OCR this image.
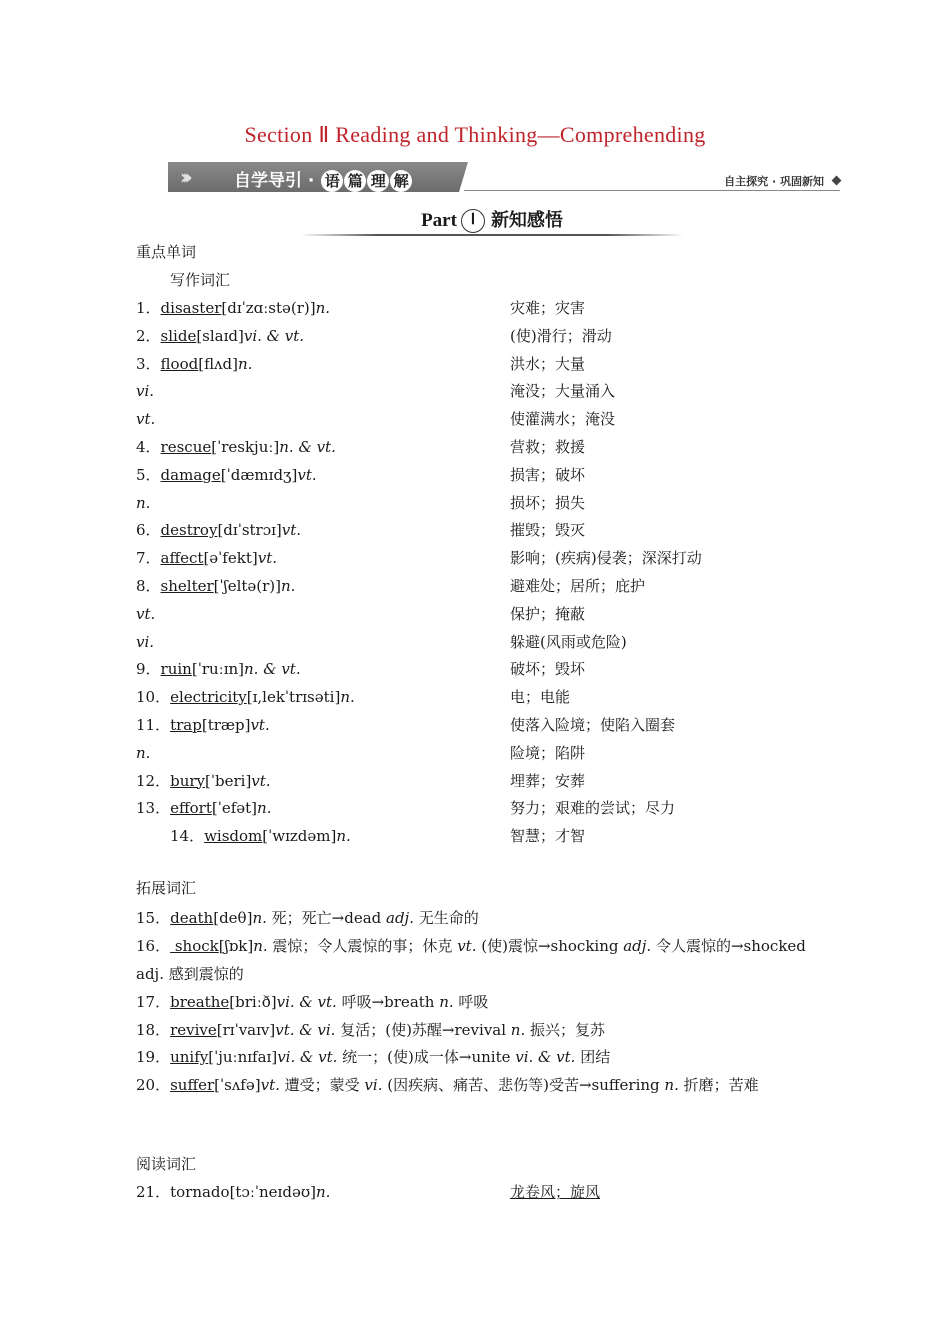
Section Ⅱ Reading and Thinking—Comprehending
›››	自学导引 · 语 篇 理 解	自主探究 · 巩固新知
Part Ⅰ 新知感悟
重点单词
写作词汇
1．disaster[dɪˈzɑːstə(r)]n.	灾难；灾害
2．slide[slaɪd]vi. & vt.	(使)滑行；滑动
3．flood[flʌd]n.	洪水；大量
vi.	淹没；大量涌入
vt.	使灌满水；淹没
4．rescue[ˈreskjuː]n. & vt.	营救；救援
5．damage[ˈdæmɪdʒ]vt.	损害；破坏
n.	损坏；损失
6．destroy[dɪˈstrɔɪ]vt.	摧毁；毁灭
7．affect[əˈfekt]vt.	影响；(疾病)侵袭；深深打动
8．shelter[ˈʃeltə(r)]n.	避难处；居所；庇护
vt.	保护；掩蔽
vi.	躲避(风雨或危险)
9．ruin[ˈruːɪn]n. & vt.	破坏；毁坏
10．electricity[ɪ,lekˈtrɪsəti]n.	电；电能
11．trap[træp]vt.	使落入险境；使陷入圈套
n.	险境；陷阱
12．bury[ˈberi]vt.	埋葬；安葬
13．effort[ˈefət]n.	努力；艰难的尝试；尽力
14．wisdom[ˈwɪzdəm]n.	智慧；才智
拓展词汇
15．death[deθ]n. 死；死亡→dead adj. 无生命的
16． shock[ʃɒk]n. 震惊；令人震惊的事；休克 vt. (使)震惊→shocking adj. 令人震惊的→shocked adj. 感到震惊的
17．breathe[briːð]vi. & vt. 呼吸→breath n. 呼吸
18．revive[rɪˈvaɪv]vt. & vi. 复活；(使)苏醒→revival n. 振兴；复苏
19．unify[ˈjuːnɪfaɪ]vi. & vt. 统一；(使)成一体→unite vi. & vt. 团结
20．suffer[ˈsʌfə]vt. 遭受；蒙受 vi. (因疾病、痛苦、悲伤等)受苦→suffering n. 折磨；苦难
阅读词汇
21．tornado[tɔːˈneɪdəʊ]n.	龙卷风；旋风
